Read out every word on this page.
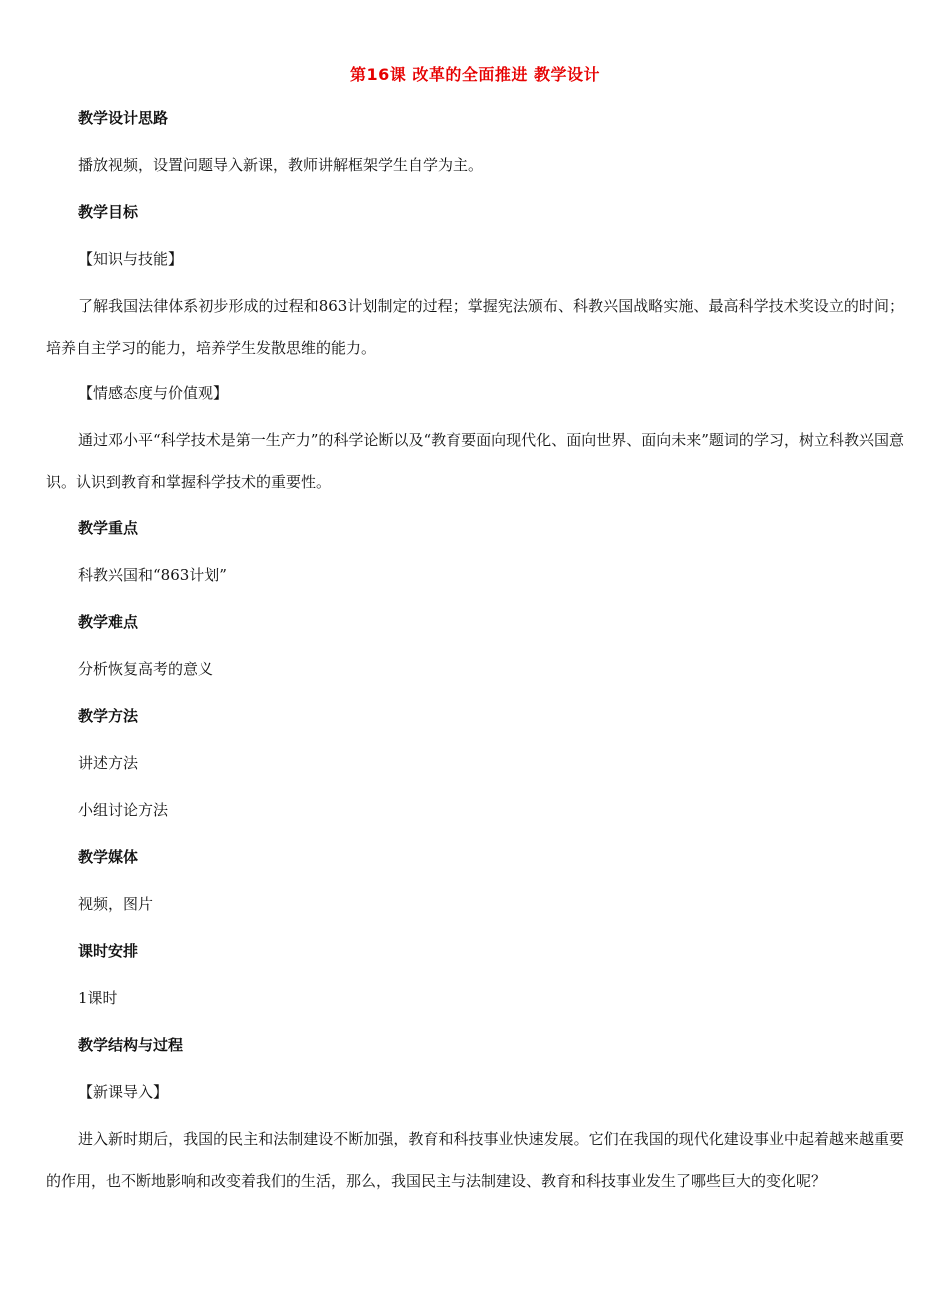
第16课 改革的全面推进 教学设计
教学设计思路
播放视频，设置问题导入新课，教师讲解框架学生自学为主。
教学目标
【知识与技能】
了解我国法律体系初步形成的过程和863计划制定的过程；掌握宪法颁布、科教兴国战略实施、最高科学技术奖设立的时间；培养自主学习的能力，培养学生发散思维的能力。
【情感态度与价值观】
通过邓小平“科学技术是第一生产力”的科学论断以及“教育要面向现代化、面向世界、面向未来”题词的学习，树立科教兴国意识。认识到教育和掌握科学技术的重要性。
教学重点
科教兴国和“863计划”
教学难点
分析恢复高考的意义
教学方法
讲述方法
小组讨论方法
教学媒体
视频，图片
课时安排
1课时
教学结构与过程
【新课导入】
进入新时期后，我国的民主和法制建设不断加强，教育和科技事业快速发展。它们在我国的现代化建设事业中起着越来越重要的作用，也不断地影响和改变着我们的生活，那么，我国民主与法制建设、教育和科技事业发生了哪些巨大的变化呢？
